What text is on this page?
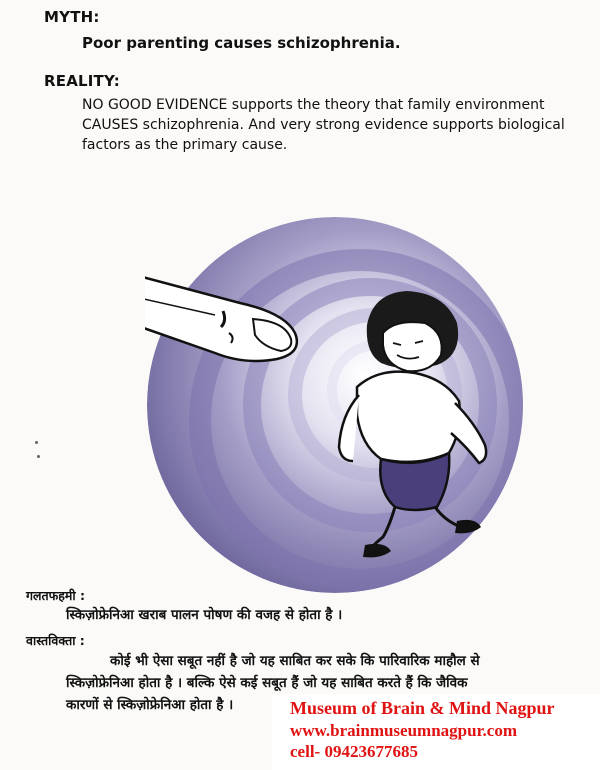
MYTH:
Poor parenting causes schizophrenia.
REALITY:
NO GOOD EVIDENCE supports the theory that family environment
CAUSES schizophrenia. And very strong evidence supports biological
factors as the primary cause.
गलतफहमी :
स्किज़ोफ्रेनिआ खराब पालन पोषण की वजह से होता है ।
वास्तविक्ता :
कोई भी ऐसा सबूत नहीं है जो यह साबित कर सके कि पारिवारिक माहौल से
स्किज़ोफ्रेनिआ होता है । बल्कि ऐसे कई सबूत हैं जो यह साबित करते हैं कि जैविक
कारणों से स्किज़ोफ्रेनिआ होता है ।	Museum of Brain & Mind Nagpur
www.brainmuseumnagpur.com
cell- 09423677685
